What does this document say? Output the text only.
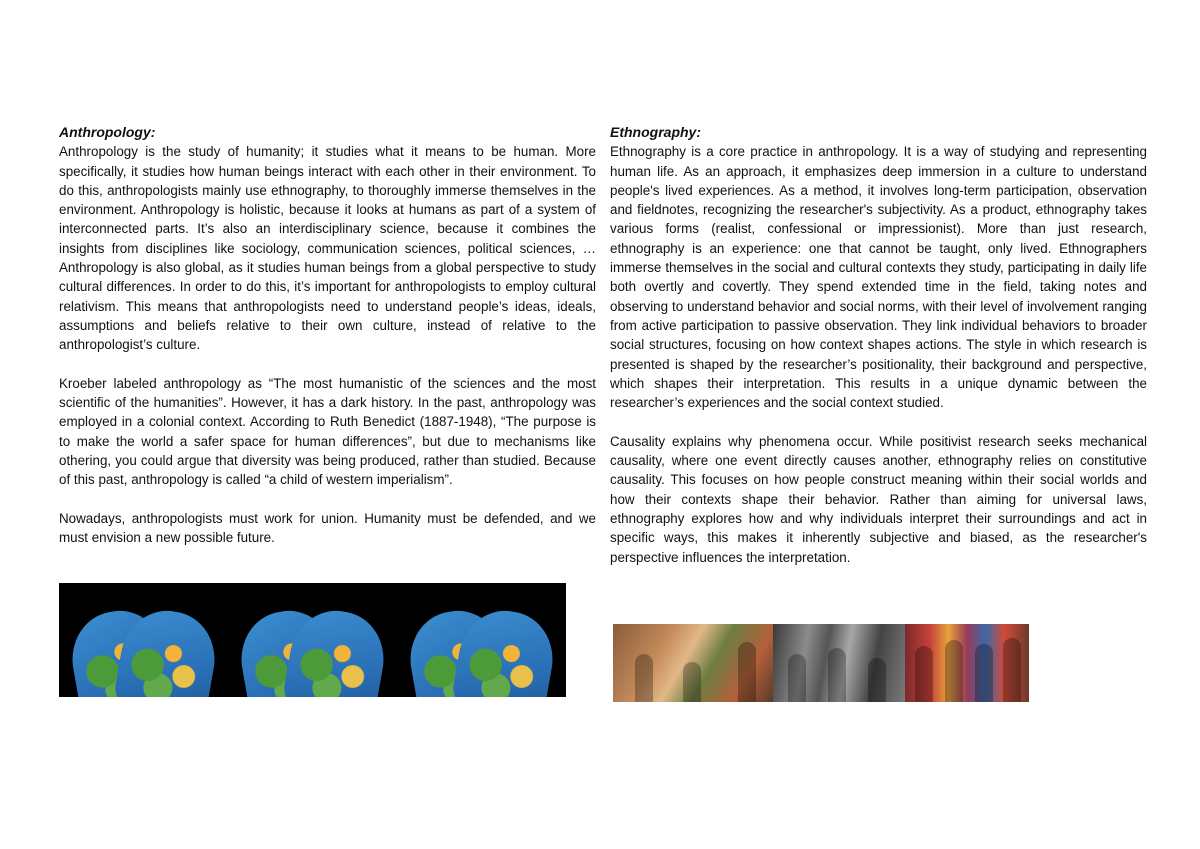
Anthropology:

Anthropology is the study of humanity; it studies what it means to be human. More specifically, it studies how human beings interact with each other in their environment. To do this, anthropologists mainly use ethnography, to thoroughly immerse themselves in the environment. Anthropology is holistic, because it looks at humans as part of a system of interconnected parts. It’s also an interdisciplinary science, because it combines the insights from disciplines like sociology, communication sciences, political sciences, … Anthropology is also global, as it studies human beings from a global perspective to study cultural differences. In order to do this, it’s important for anthropologists to employ cultural relativism. This means that anthropologists need to understand people’s ideas, ideals, assumptions and beliefs relative to their own culture, instead of relative to the anthropologist’s culture.

Kroeber labeled anthropology as “The most humanistic of the sciences and the most scientific of the humanities”. However, it has a dark history. In the past, anthropology was employed in a colonial context. According to Ruth Benedict (1887-1948), “The purpose is to make the world a safer space for human differences”, but due to mechanisms like othering, you could argue that diversity was being produced, rather than studied. Because of this past, anthropology is called “a child of western imperialism”.

Nowadays, anthropologists must work for union. Humanity must be defended, and we must envision a new possible future.

Ethnography:

Ethnography is a core practice in anthropology. It is a way of studying and representing human life. As an approach, it emphasizes deep immersion in a culture to understand people's lived experiences. As a method, it involves long-term participation, observation and fieldnotes, recognizing the researcher's subjectivity. As a product, ethnography takes various forms (realist, confessional or impressionist). More than just research, ethnography is an experience: one that cannot be taught, only lived. Ethnographers immerse themselves in the social and cultural contexts they study, participating in daily life both overtly and covertly. They spend extended time in the field, taking notes and observing to understand behavior and social norms, with their level of involvement ranging from active participation to passive observation. They link individual behaviors to broader social structures, focusing on how context shapes actions. The style in which research is presented is shaped by the researcher’s positionality, their background and perspective, which shapes their interpretation. This results in a unique dynamic between the researcher’s experiences and the social context studied.

Causality explains why phenomena occur. While positivist research seeks mechanical causality, where one event directly causes another, ethnography relies on constitutive causality. This focuses on how people construct meaning within their social worlds and how their contexts shape their behavior. Rather than aiming for universal laws, ethnography explores how and why individuals interpret their surroundings and act in specific ways, this makes it inherently subjective and biased, as the researcher's perspective influences the interpretation.
